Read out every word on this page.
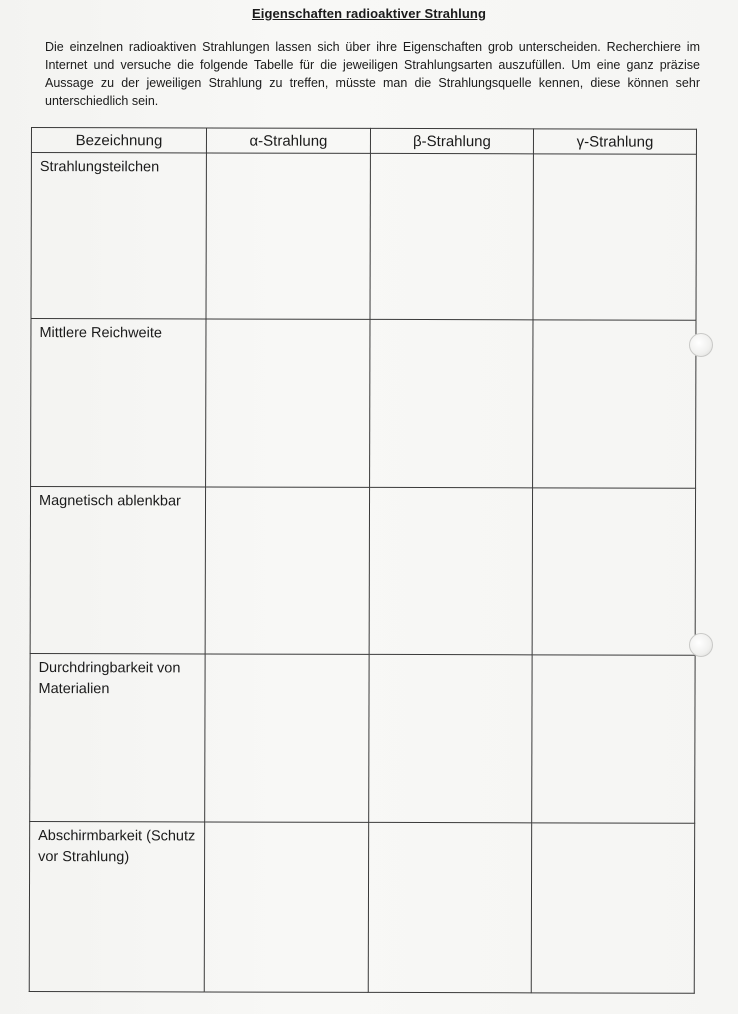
Eigenschaften radioaktiver Strahlung
Die einzelnen radioaktiven Strahlungen lassen sich über ihre Eigenschaften grob unterscheiden. Recherchiere im Internet und versuche die folgende Tabelle für die jeweiligen Strahlungsarten auszufüllen. Um eine ganz präzise Aussage zu der jeweiligen Strahlung zu treffen, müsste man die Strahlungsquelle kennen, diese können sehr unterschiedlich sein.
Bezeichnung	α-Strahlung	β-Strahlung	γ-Strahlung
Strahlungsteilchen			
Mittlere Reichweite			
Magnetisch ablenkbar			
Durchdringbarkeit von Materialien			
Abschirmbarkeit (Schutz vor Strahlung)			
